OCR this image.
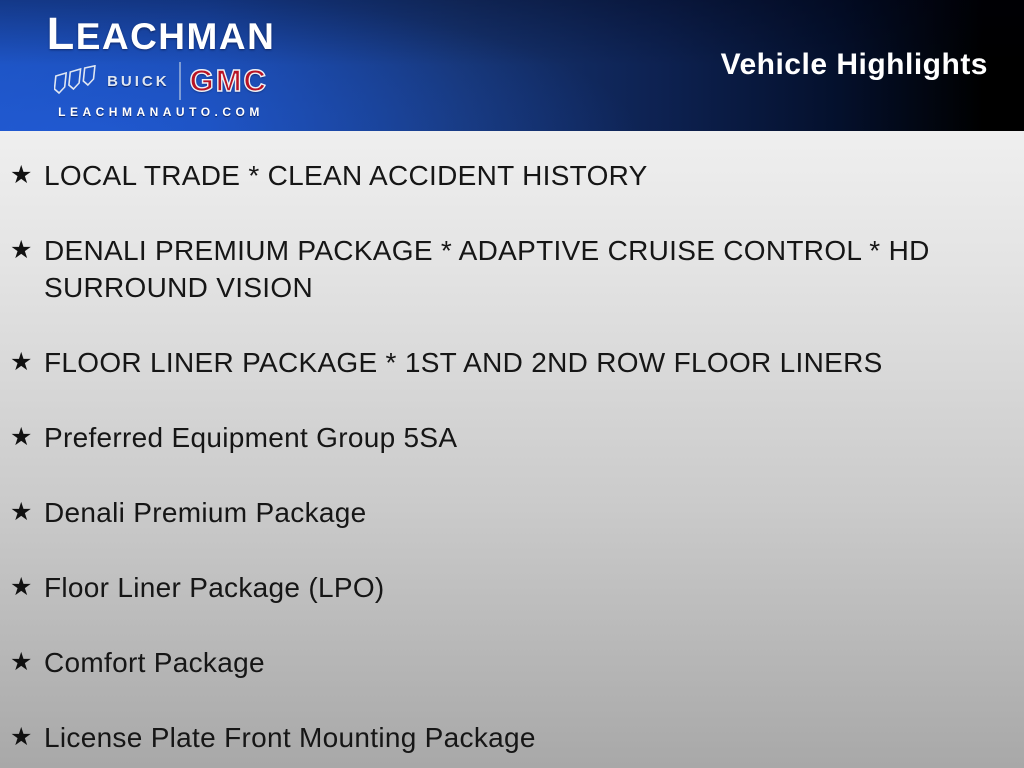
LEACHMAN
BUICK GMC
LEACHMANAUTO.COM
Vehicle Highlights
★ LOCAL TRADE * CLEAN ACCIDENT HISTORY
★ DENALI PREMIUM PACKAGE * ADAPTIVE CRUISE CONTROL * HD SURROUND VISION
★ FLOOR LINER PACKAGE * 1ST AND 2ND ROW FLOOR LINERS
★ Preferred Equipment Group 5SA
★ Denali Premium Package
★ Floor Liner Package (LPO)
★ Comfort Package
★ License Plate Front Mounting Package
